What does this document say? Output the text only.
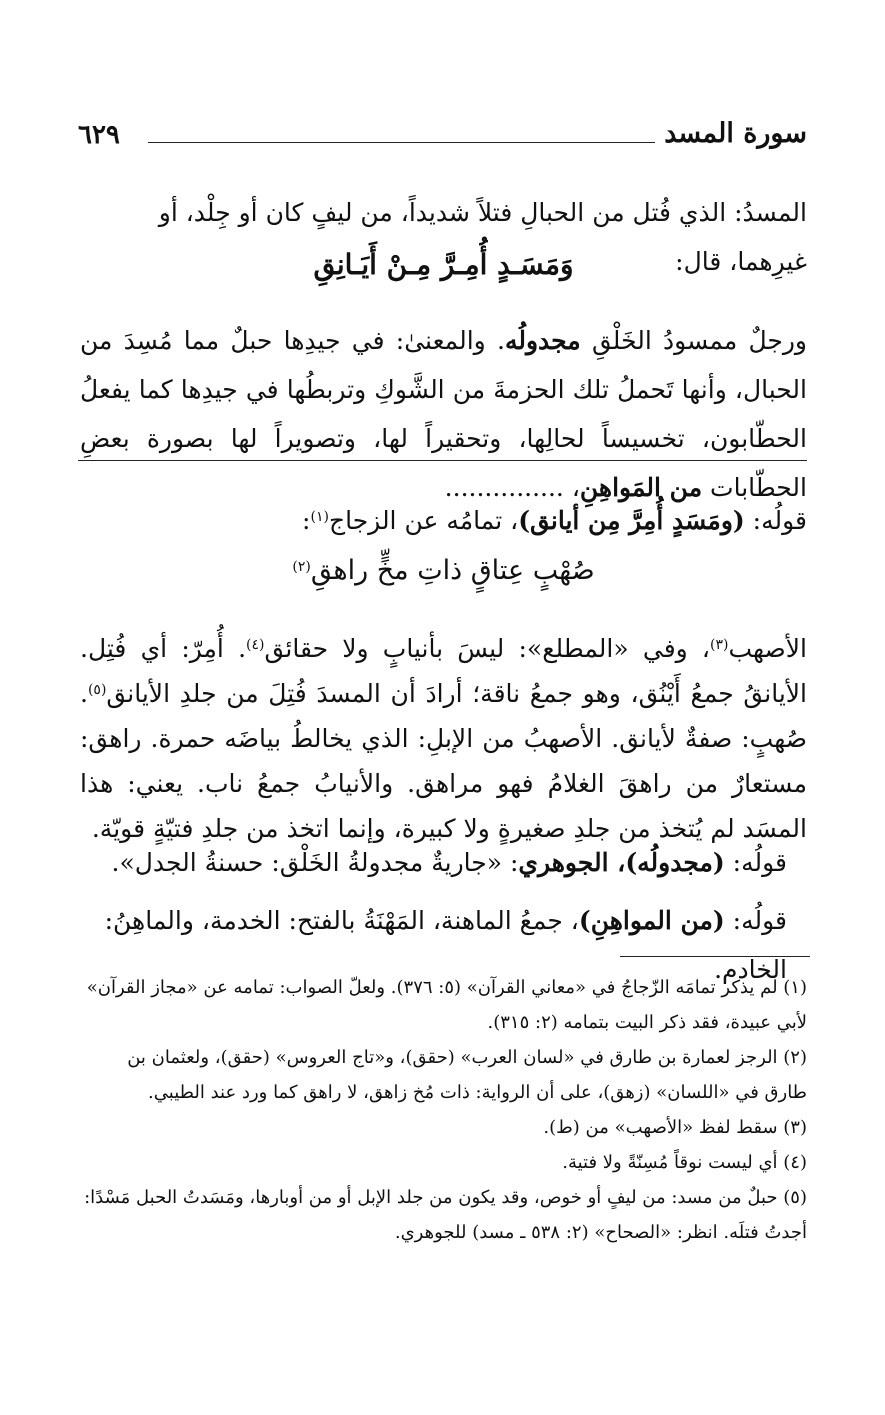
٦٢٩	سورة المسد
المسدُ: الذي فُتل من الحبالِ فتلاً شديداً، من ليفٍ كان أو جِلْد، أو غيرِهما، قال:
وَمَسَـدٍ أُمِـرَّ مِـنْ أَيَـانِقِ
ورجلٌ ممسودُ الخَلْقِ مجدولُه. والمعنىٰ: في جيدِها حبلٌ مما مُسِدَ من الحبال، وأنها تَحملُ تلك الحزمةَ من الشَّوكِ وتربطُها في جيدِها كما يفعلُ الحطّابون، تخسيساً لحالِها، وتحقيراً لها، وتصويراً لها بصورة بعضِ الحطّابات من المَواهِنِ، ...............
قولُه: (ومَسَدٍ أُمِرَّ مِن أيانق)، تمامُه عن الزجاج$^{(١)}$:
صُهْبٍ عِتاقٍ ذاتِ مخٍّ راهقِ$^{(٢)}$
الأصهب$^{(٣)}$، وفي «المطلع»: ليسَ بأنيابٍ ولا حقائق$^{(٤)}$. أُمِرّ: أي فُتِل. الأيانقُ جمعُ أَيْنُق، وهو جمعُ ناقة؛ أرادَ أن المسدَ فُتِلَ من جلدِ الأيانق$^{(٥)}$. صُهبٍ: صفةٌ لأيانق. الأصهبُ من الإبلِ: الذي يخالطُ بياضَه حمرة. راهق: مستعارٌ من راهقَ الغلامُ فهو مراهق. والأنيابُ جمعُ ناب. يعني: هذا المسَد لم يُتخذ من جلدِ صغيرةٍ ولا كبيرة، وإنما اتخذ من جلدِ فتيّةٍ قويّة.
قولُه: (مجدولُه)، الجوهري: «جاريةٌ مجدولةُ الخَلْق: حسنةُ الجدل».
قولُه: (من المواهِنِ)، جمعُ الماهنة، المَهْنَةُ بالفتح: الخدمة، والماهِنُ: الخادم.

(١) لم يذكر تمامَه الزّجاجُ في «معاني القرآن» (٥: ٣٧٦). ولعلّ الصواب: تمامه عن «مجاز القرآن» لأبي عبيدة، فقد ذكر البيت بتمامه (٢: ٣١٥).

(٢) الرجز لعمارة بن طارق في «لسان العرب» (حقق)، و«تاج العروس» (حقق)، ولعثمان بن طارق في «اللسان» (زهق)، على أن الرواية: ذات مُخ زاهق، لا راهق كما ورد عند الطيبي.

(٣) سقط لفظ «الأصهب» من (ط).

(٤) أي ليست نوقاً مُسِنّةً ولا فتية.

(٥) حبلٌ من مسد: من ليفٍ أو خوص، وقد يكون من جلد الإبل أو من أوبارها، ومَسَدتُ الحبل مَسْدًا: أجدتُ فتلَه. انظر: «الصحاح» (٢: ٥٣٨ ـ مسد) للجوهري.
